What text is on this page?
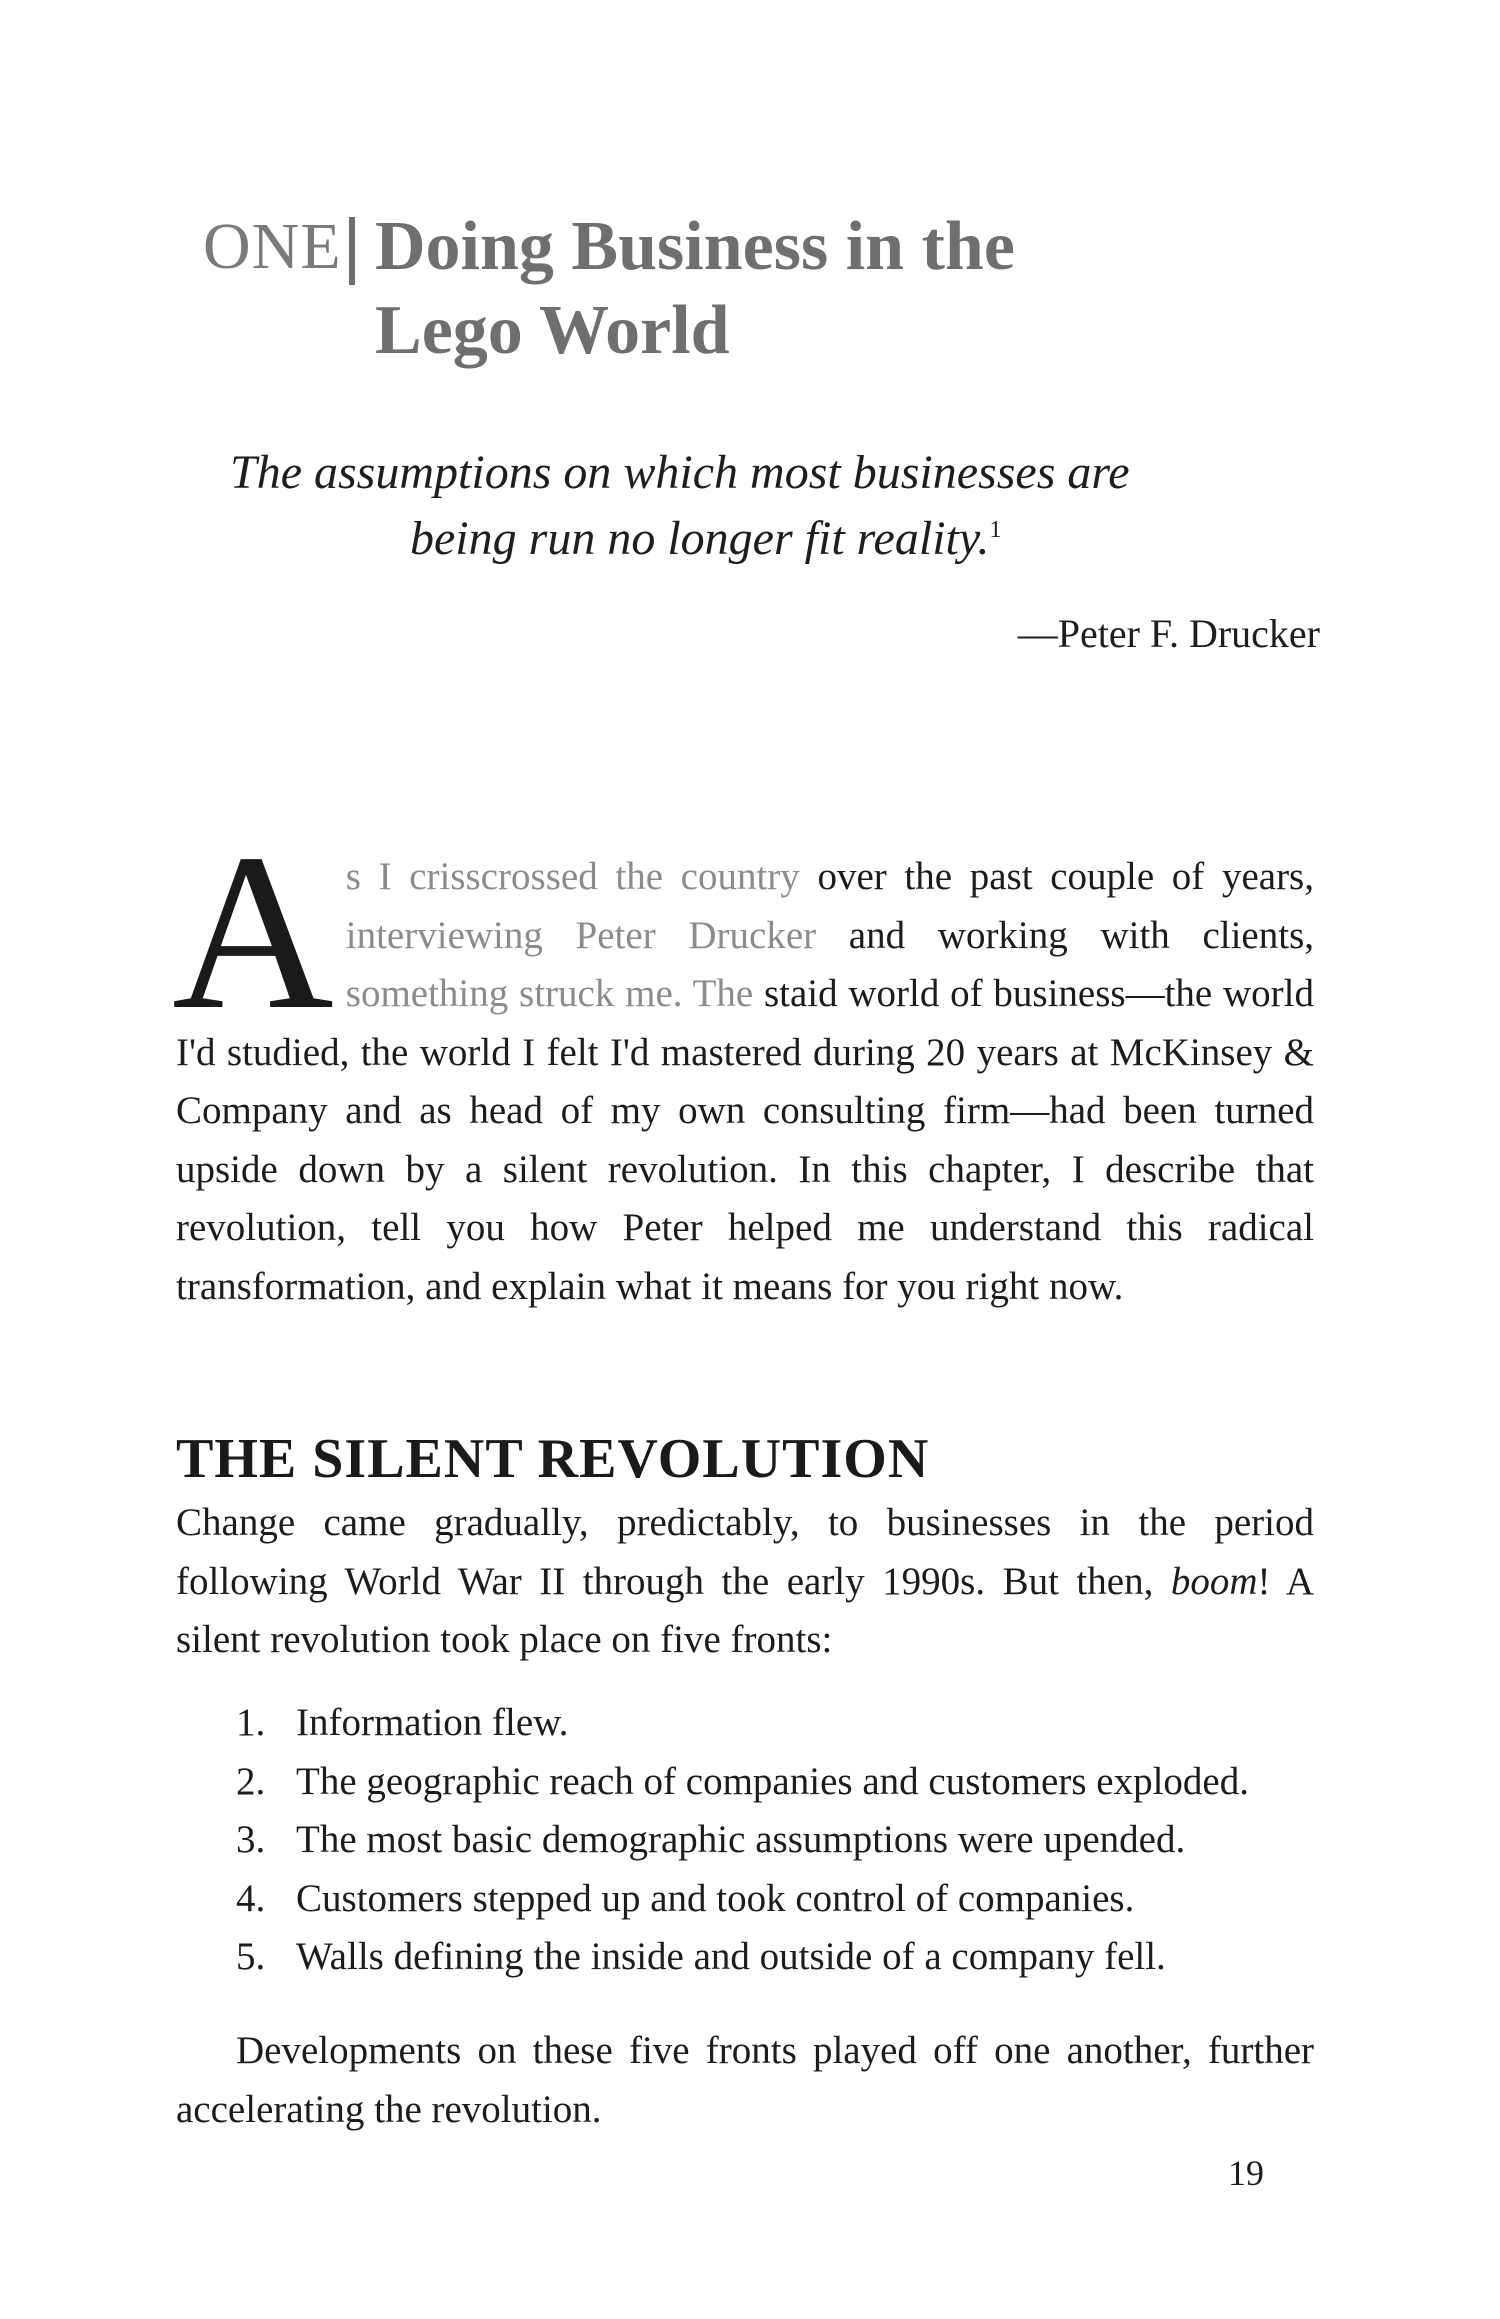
ONE Doing Business in the Lego World
The assumptions on which most businesses are
being run no longer fit reality.$^1$
—Peter F. Drucker
As I crisscrossed the country over the past couple of years, interviewing Peter Drucker and working with clients, something struck me. The staid world of business—the world I'd studied, the world I felt I'd mastered during 20 years at McKinsey & Company and as head of my own consulting firm—had been turned upside down by a silent revolution. In this chapter, I describe that revolution, tell you how Peter helped me understand this radical transformation, and explain what it means for you right now.
THE SILENT REVOLUTION
Change came gradually, predictably, to businesses in the period following World War II through the early 1990s. But then, boom! A silent revolution took place on five fronts:
1. Information flew.
2. The geographic reach of companies and customers exploded.
3. The most basic demographic assumptions were upended.
4. Customers stepped up and took control of companies.
5. Walls defining the inside and outside of a company fell.
Developments on these five fronts played off one another, further accelerating the revolution.
19
